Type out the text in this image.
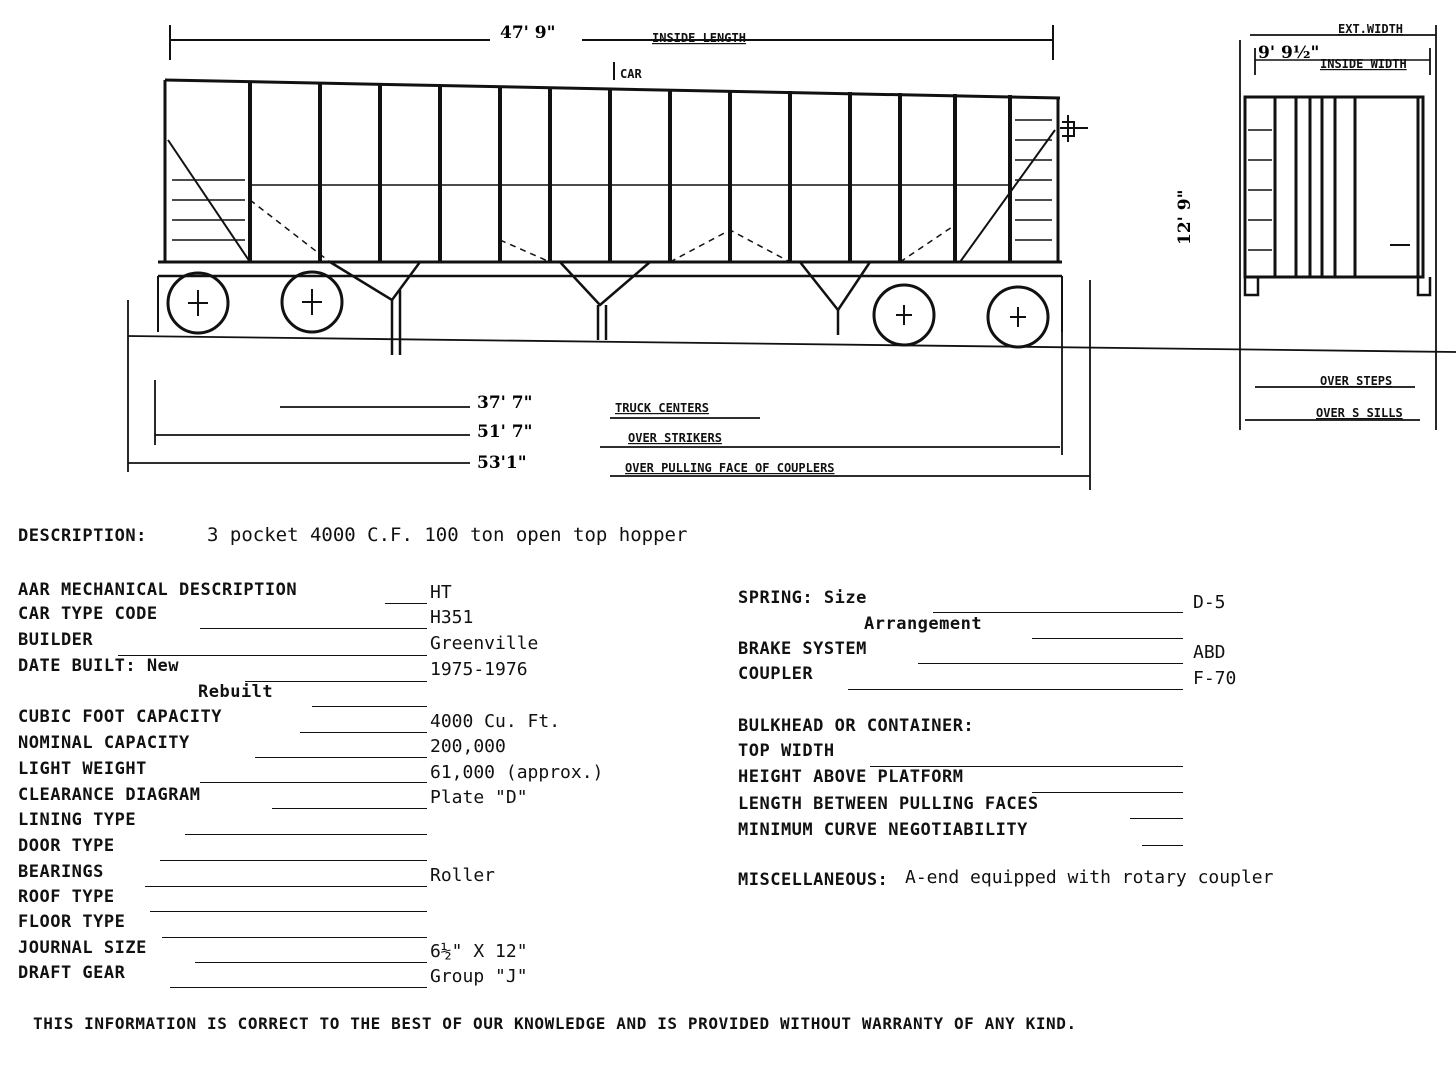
47' 9"	INSIDE LENGTH
CAR
37' 7"	TRUCK CENTERS
51' 7"	OVER STRIKERS
53'1"	OVER PULLING FACE OF COUPLERS
12' 9"
EXT.WIDTH
9' 9½"
INSIDE WIDTH
OVER STEPS
OVER S SILLS
DESCRIPTION:	3 pocket 4000 C.F. 100 ton open top hopper
AAR MECHANICAL DESCRIPTION	HT
CAR TYPE CODE	H351
BUILDER	Greenville
DATE BUILT: New	1975-1976
Rebuilt
CUBIC FOOT CAPACITY	4000 Cu. Ft.
NOMINAL CAPACITY	200,000
LIGHT WEIGHT	61,000 (approx.)
CLEARANCE DIAGRAM	Plate "D"
LINING TYPE
DOOR TYPE
BEARINGS	Roller
ROOF TYPE
FLOOR TYPE
JOURNAL SIZE	6½" X 12"
DRAFT GEAR	Group "J"
SPRING: Size	D-5
Arrangement
BRAKE SYSTEM	ABD
COUPLER	F-70
BULKHEAD OR CONTAINER:
TOP WIDTH
HEIGHT ABOVE PLATFORM
LENGTH BETWEEN PULLING FACES
MINIMUM CURVE NEGOTIABILITY
MISCELLANEOUS: A-end equipped with rotary coupler
THIS INFORMATION IS CORRECT TO THE BEST OF OUR KNOWLEDGE AND IS PROVIDED WITHOUT WARRANTY OF ANY KIND.
